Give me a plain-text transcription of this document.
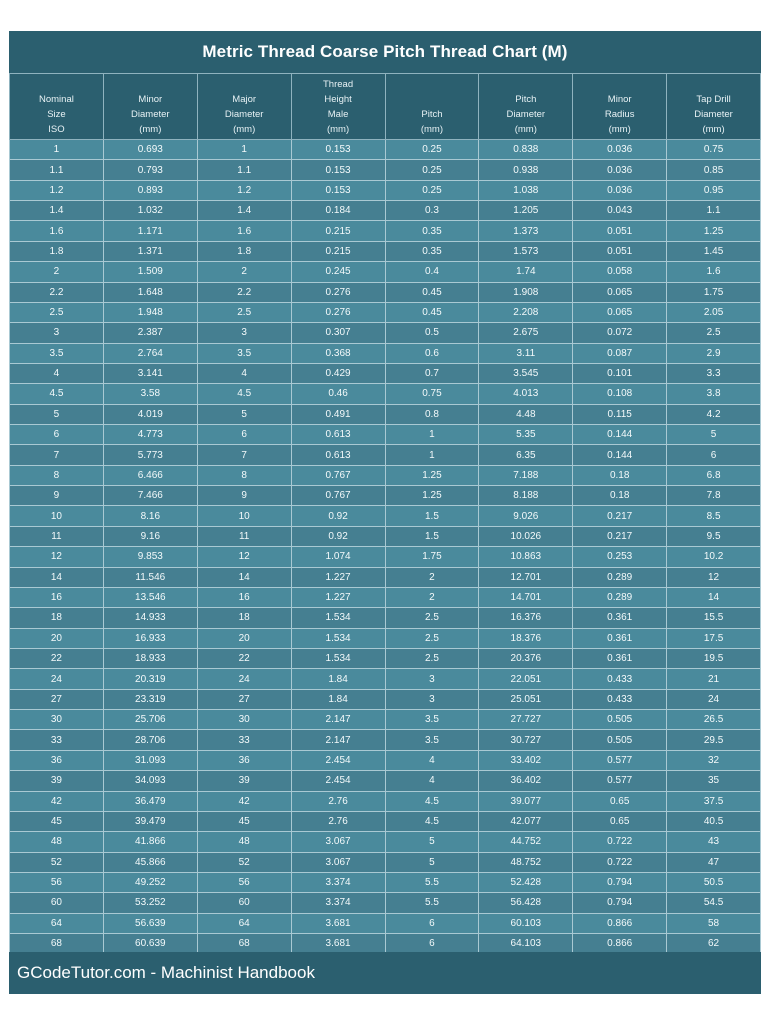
Metric Thread Coarse Pitch Thread Chart (M)
Nominal
Size
ISO	Minor
Diameter
(mm)	Major
Diameter
(mm)	Thread
Height
Male
(mm)	Pitch
(mm)	Pitch
Diameter
(mm)	Minor
Radius
(mm)	Tap Drill
Diameter
(mm)
1	0.693	1	0.153	0.25	0.838	0.036	0.75
1.1	0.793	1.1	0.153	0.25	0.938	0.036	0.85
1.2	0.893	1.2	0.153	0.25	1.038	0.036	0.95
1.4	1.032	1.4	0.184	0.3	1.205	0.043	1.1
1.6	1.171	1.6	0.215	0.35	1.373	0.051	1.25
1.8	1.371	1.8	0.215	0.35	1.573	0.051	1.45
2	1.509	2	0.245	0.4	1.74	0.058	1.6
2.2	1.648	2.2	0.276	0.45	1.908	0.065	1.75
2.5	1.948	2.5	0.276	0.45	2.208	0.065	2.05
3	2.387	3	0.307	0.5	2.675	0.072	2.5
3.5	2.764	3.5	0.368	0.6	3.11	0.087	2.9
4	3.141	4	0.429	0.7	3.545	0.101	3.3
4.5	3.58	4.5	0.46	0.75	4.013	0.108	3.8
5	4.019	5	0.491	0.8	4.48	0.115	4.2
6	4.773	6	0.613	1	5.35	0.144	5
7	5.773	7	0.613	1	6.35	0.144	6
8	6.466	8	0.767	1.25	7.188	0.18	6.8
9	7.466	9	0.767	1.25	8.188	0.18	7.8
10	8.16	10	0.92	1.5	9.026	0.217	8.5
11	9.16	11	0.92	1.5	10.026	0.217	9.5
12	9.853	12	1.074	1.75	10.863	0.253	10.2
14	11.546	14	1.227	2	12.701	0.289	12
16	13.546	16	1.227	2	14.701	0.289	14
18	14.933	18	1.534	2.5	16.376	0.361	15.5
20	16.933	20	1.534	2.5	18.376	0.361	17.5
22	18.933	22	1.534	2.5	20.376	0.361	19.5
24	20.319	24	1.84	3	22.051	0.433	21
27	23.319	27	1.84	3	25.051	0.433	24
30	25.706	30	2.147	3.5	27.727	0.505	26.5
33	28.706	33	2.147	3.5	30.727	0.505	29.5
36	31.093	36	2.454	4	33.402	0.577	32
39	34.093	39	2.454	4	36.402	0.577	35
42	36.479	42	2.76	4.5	39.077	0.65	37.5
45	39.479	45	2.76	4.5	42.077	0.65	40.5
48	41.866	48	3.067	5	44.752	0.722	43
52	45.866	52	3.067	5	48.752	0.722	47
56	49.252	56	3.374	5.5	52.428	0.794	50.5
60	53.252	60	3.374	5.5	56.428	0.794	54.5
64	56.639	64	3.681	6	60.103	0.866	58
68	60.639	68	3.681	6	64.103	0.866	62
GCodeTutor.com - Machinist Handbook
